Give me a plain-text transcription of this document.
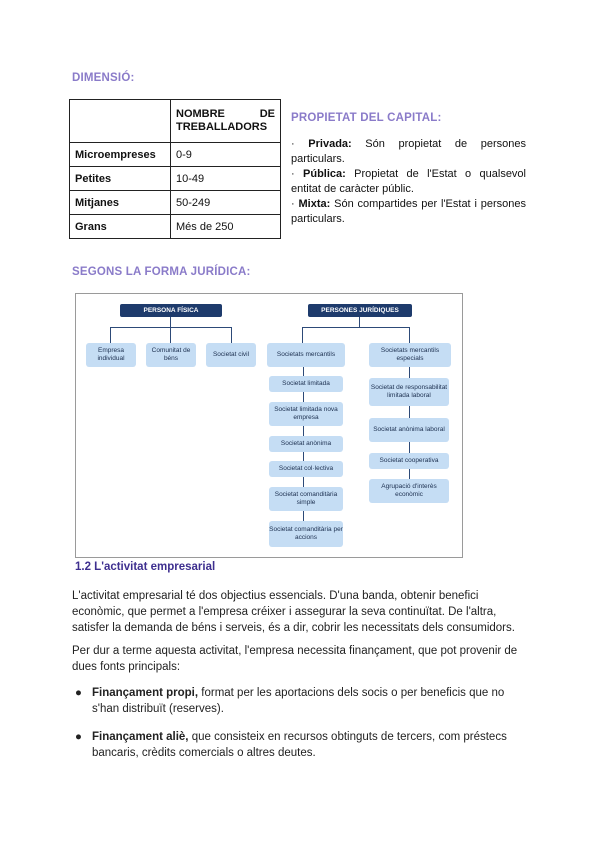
DIMENSIÓ:

	NOMBRE DE TREBALLADORS

Microempreses	0-9
Petites	10-49
Mitjanes	50-249
Grans	Més de 250
PROPIETAT DEL CAPITAL:
· Privada: Són propietat de persones particulars.
· Pública: Propietat de l'Estat o qualsevol entitat de caràcter públic.
· Mixta: Són compartides per l'Estat i persones particulars.
SEGONS LA FORMA JURÍDICA:
PERSONA FÍSICA
Empresa individual
Comunitat de béns
Societat civil
PERSONES JURÍDIQUES
Societats mercantils
Societat limitada
Societat limitada nova empresa
Societat anònima
Societat col·lectiva
Societat comanditària simple
Societat comanditària per accions
Societats mercantils especials
Societat de responsabilitat limitada laboral
Societat anònima laboral
Societat cooperativa
Agrupació d'interès econòmic
1.2 L'activitat empresarial
L'activitat empresarial té dos objectius essencials. D'una banda, obtenir benefici econòmic, que permet a l'empresa créixer i assegurar la seva continuïtat. De l'altra, satisfer la demanda de béns i serveis, és a dir, cobrir les necessitats dels consumidors.
Per dur a terme aquesta activitat, l'empresa necessita finançament, que pot provenir de dues fonts principals:
● Finançament propi, format per les aportacions dels socis o per beneficis que no s'han distribuït (reserves).
● Finançament aliè, que consisteix en recursos obtinguts de tercers, com préstecs bancaris, crèdits comercials o altres deutes.
